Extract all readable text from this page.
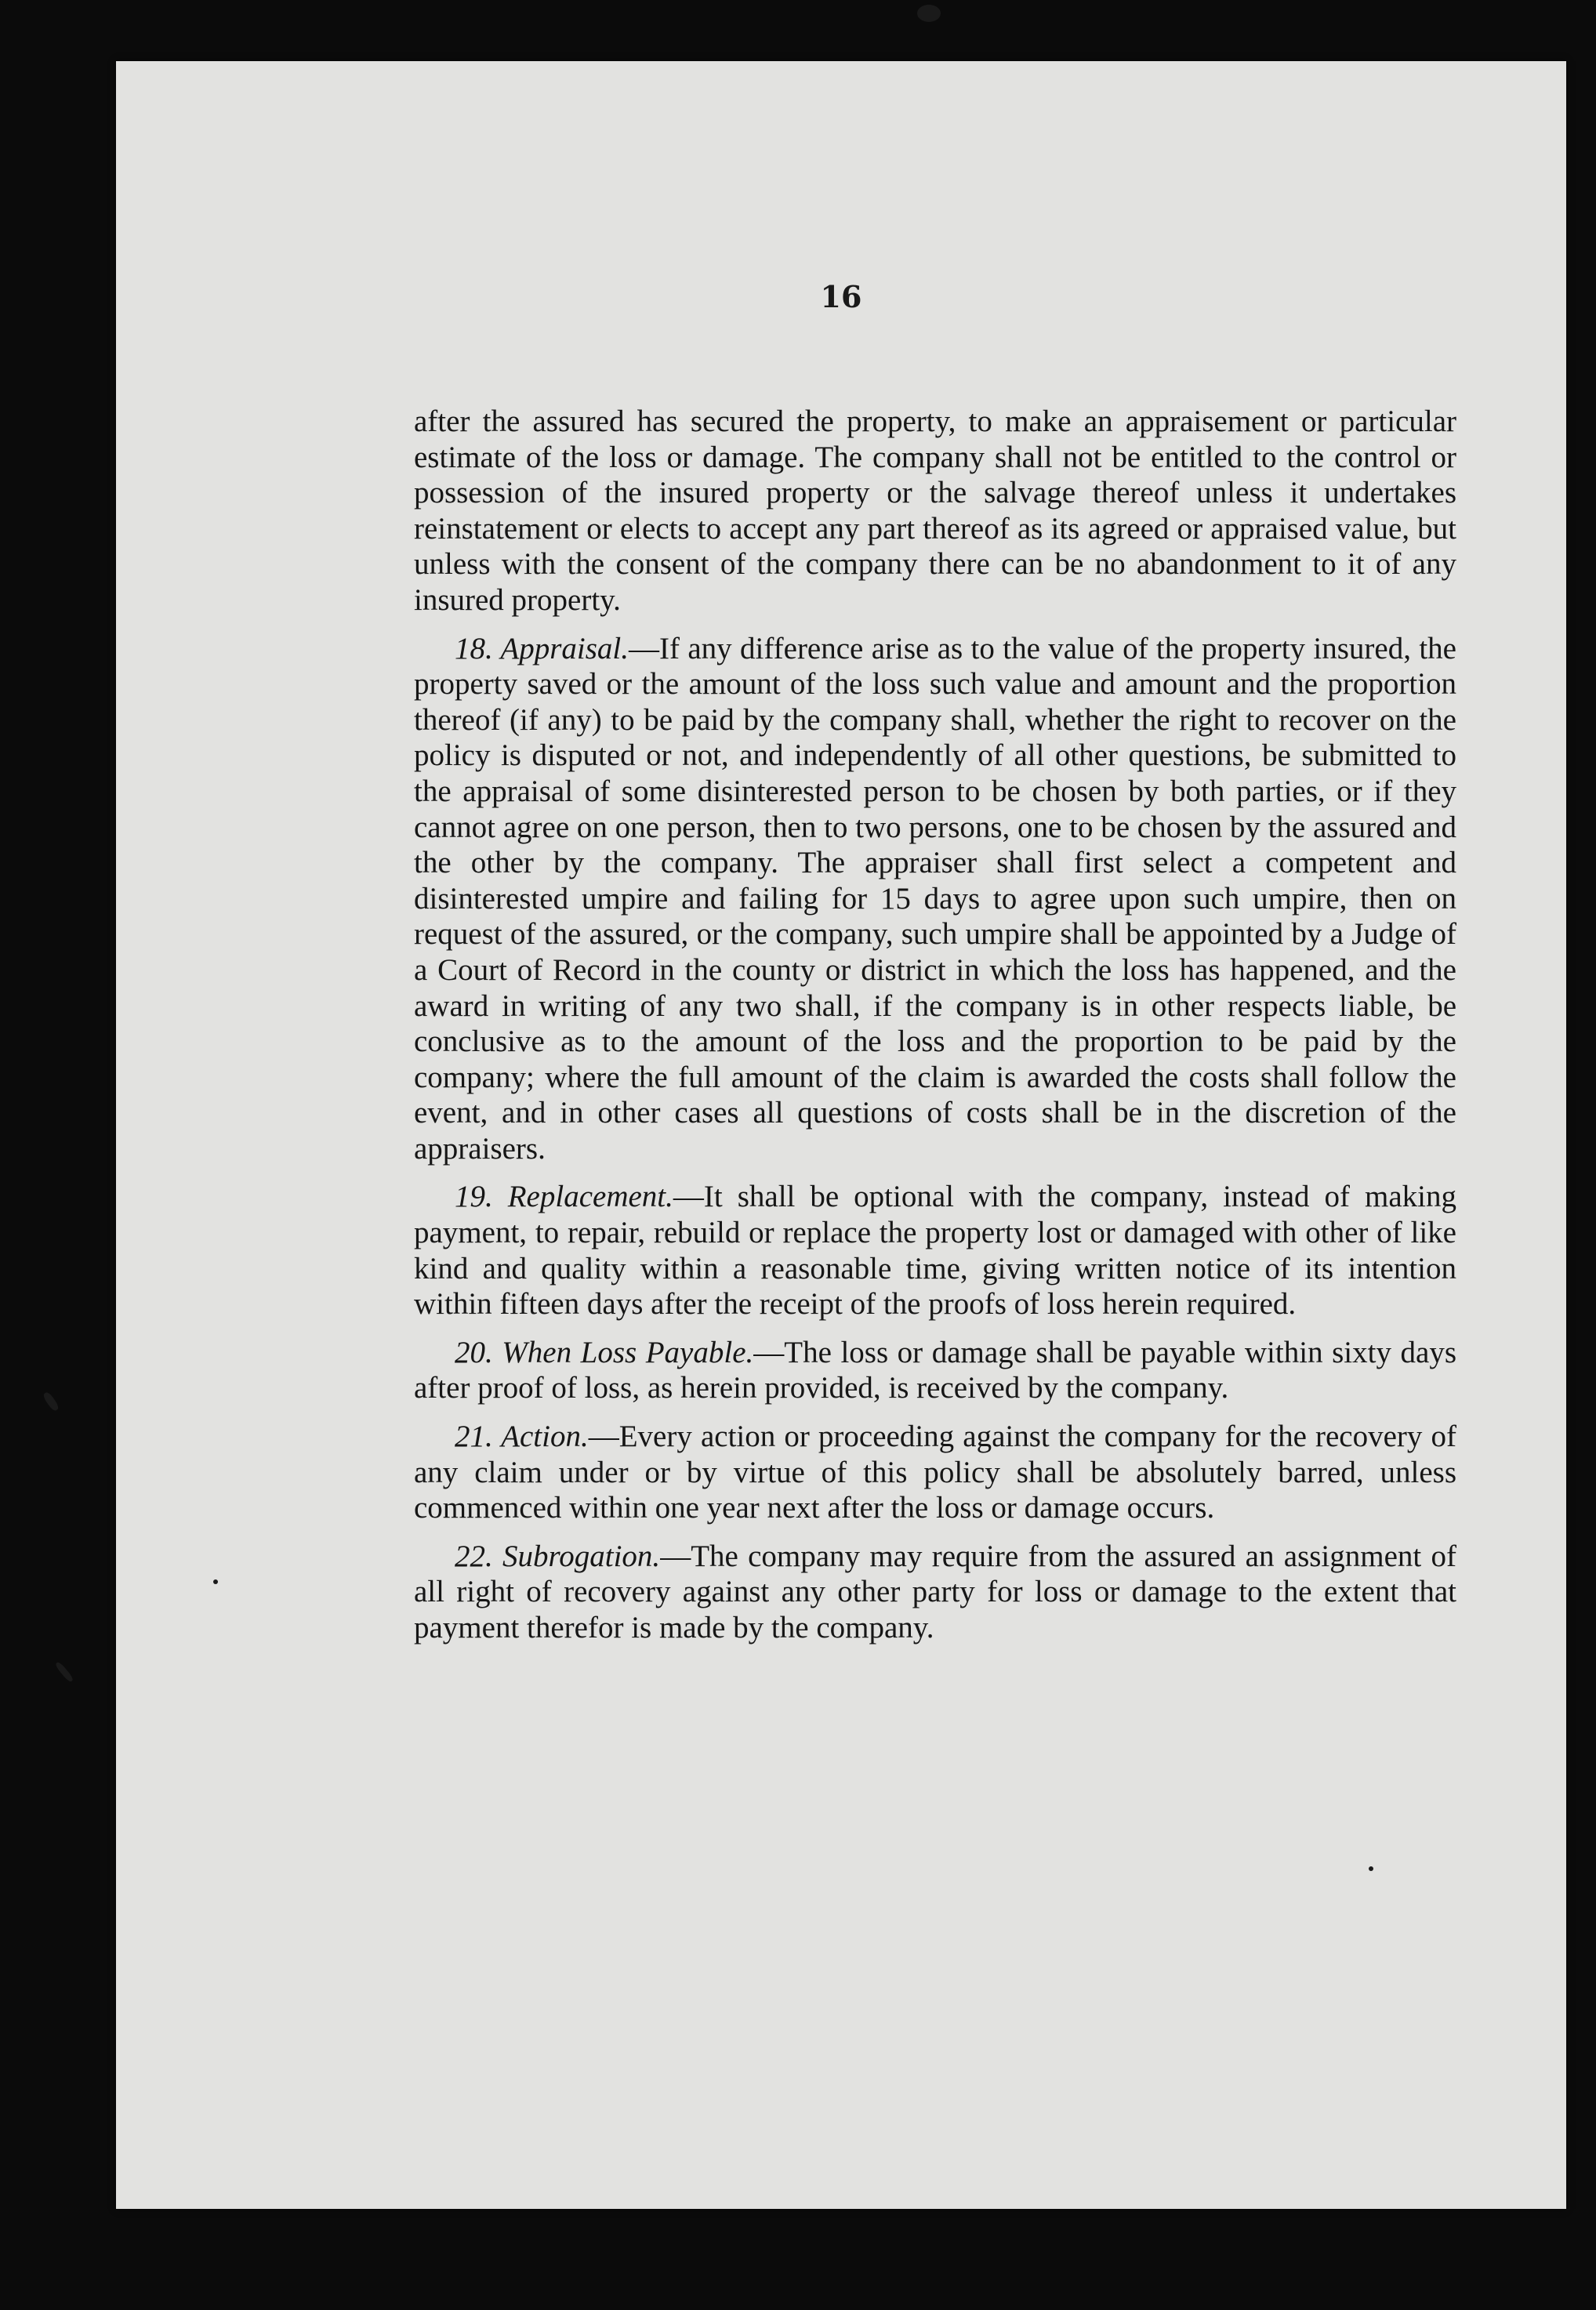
16

after the assured has secured the property, to make an appraisement or particular estimate of the loss or damage. The company shall not be entitled to the control or possession of the insured property or the salvage thereof unless it undertakes reinstatement or elects to accept any part thereof as its agreed or appraised value, but unless with the consent of the company there can be no abandonment to it of any insured property.

18. Appraisal.—If any difference arise as to the value of the property insured, the property saved or the amount of the loss such value and amount and the proportion thereof (if any) to be paid by the company shall, whether the right to recover on the policy is disputed or not, and independently of all other questions, be submitted to the appraisal of some disinterested person to be chosen by both parties, or if they cannot agree on one person, then to two persons, one to be chosen by the assured and the other by the company. The appraiser shall first select a competent and disinterested umpire and failing for 15 days to agree upon such umpire, then on request of the assured, or the company, such umpire shall be appointed by a Judge of a Court of Record in the county or district in which the loss has happened, and the award in writing of any two shall, if the company is in other respects liable, be conclusive as to the amount of the loss and the proportion to be paid by the company; where the full amount of the claim is awarded the costs shall follow the event, and in other cases all questions of costs shall be in the discretion of the appraisers.

19. Replacement.—It shall be optional with the company, instead of making payment, to repair, rebuild or replace the property lost or damaged with other of like kind and quality within a reasonable time, giving written notice of its intention within fifteen days after the receipt of the proofs of loss herein required.

20. When Loss Payable.—The loss or damage shall be payable within sixty days after proof of loss, as herein provided, is received by the company.

21. Action.—Every action or proceeding against the company for the recovery of any claim under or by virtue of this policy shall be absolutely barred, unless commenced within one year next after the loss or damage occurs.

22. Subrogation.—The company may require from the assured an assignment of all right of recovery against any other party for loss or damage to the extent that payment therefor is made by the company.
